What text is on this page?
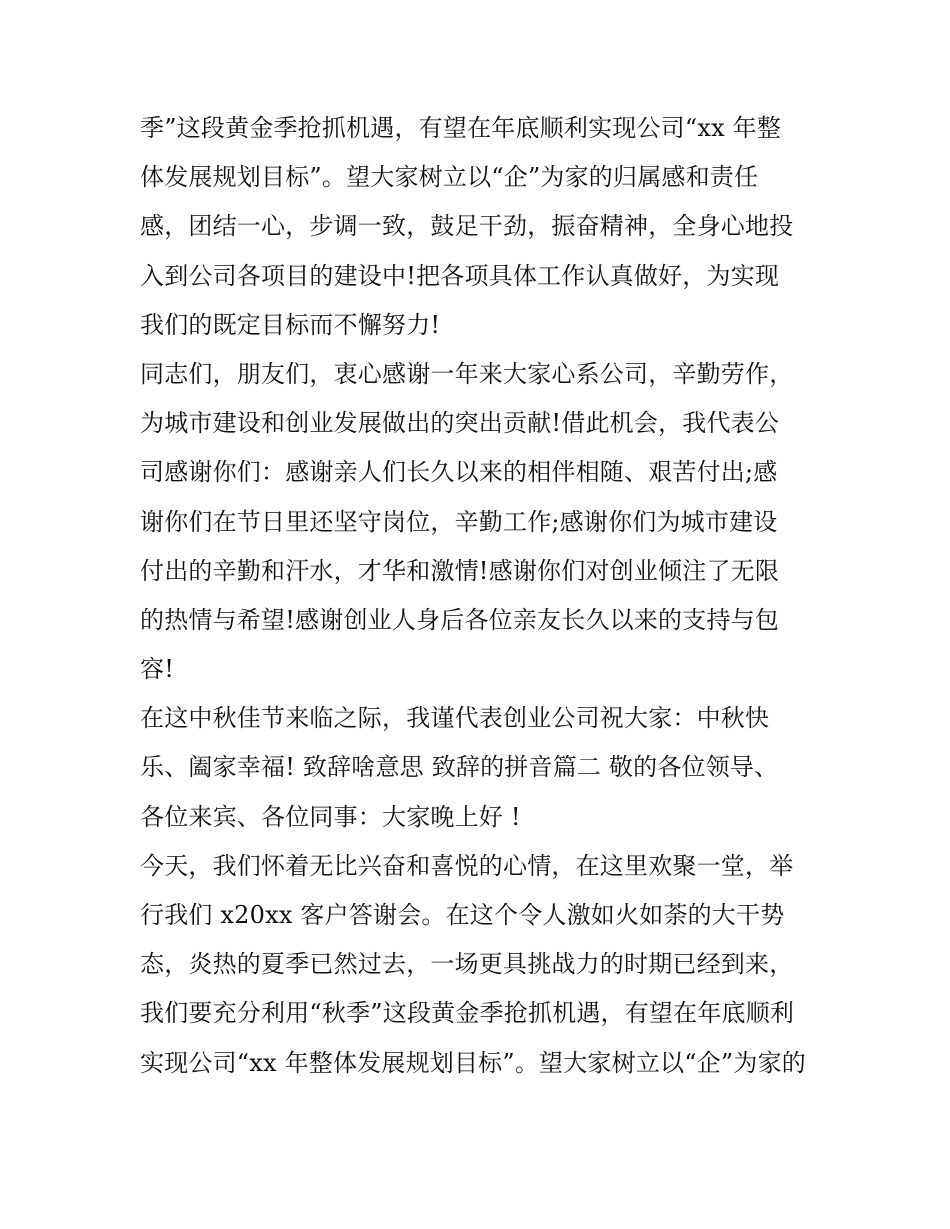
季”这段黄金季抢抓机遇，有望在年底顺利实现公司“xx 年整
体发展规划目标”。望大家树立以“企”为家的归属感和责任
感，团结一心，步调一致，鼓足干劲，振奋精神，全身心地投
入到公司各项目的建设中!把各项具体工作认真做好，为实现
我们的既定目标而不懈努力!
同志们，朋友们，衷心感谢一年来大家心系公司，辛勤劳作，
为城市建设和创业发展做出的突出贡献!借此机会，我代表公
司感谢你们：感谢亲人们长久以来的相伴相随、艰苦付出;感
谢你们在节日里还坚守岗位，辛勤工作;感谢你们为城市建设
付出的辛勤和汗水，才华和激情!感谢你们对创业倾注了无限
的热情与希望!感谢创业人身后各位亲友长久以来的支持与包
容!
在这中秋佳节来临之际，我谨代表创业公司祝大家：中秋快
乐、阖家幸福! 致辞啥意思 致辞的拼音篇二 敬的各位领导、
各位来宾、各位同事：大家晚上好 !
今天，我们怀着无比兴奋和喜悦的心情，在这里欢聚一堂，举
行我们 x20xx 客户答谢会。在这个令人激如火如荼的大干势
态，炎热的夏季已然过去，一场更具挑战力的时期已经到来，
我们要充分利用“秋季”这段黄金季抢抓机遇，有望在年底顺利
实现公司“xx 年整体发展规划目标”。望大家树立以“企”为家的
